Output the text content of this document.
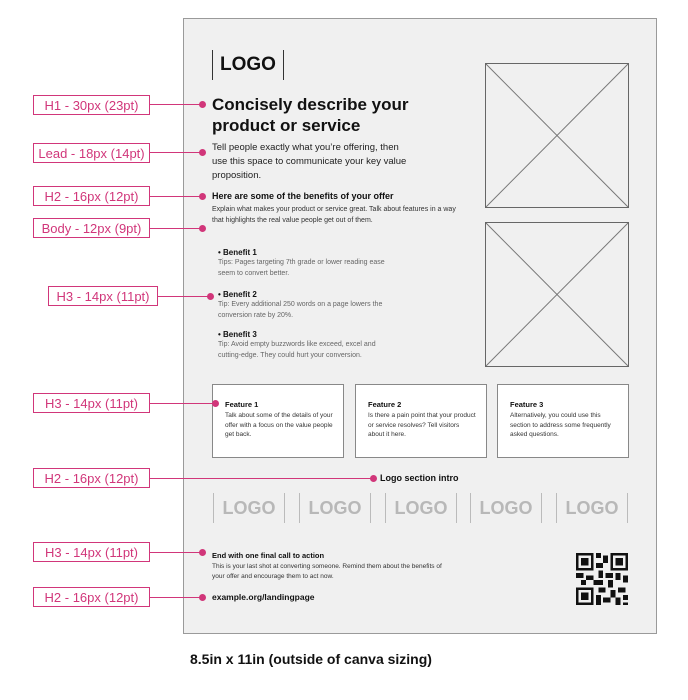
LOGO
Concisely describe your product or service
Tell people exactly what you’re offering, then use this space to communicate your key value proposition.
Here are some of the benefits of your offer
Explain what makes your product or service great. Talk about features in a way that highlights the real value people get out of them.
• Benefit 1
Tips: Pages targeting 7th grade or lower reading ease seem to convert better.
• Benefit 2
Tip: Every additional 250 words on a page lowers the conversion rate by 20%.
• Benefit 3
Tip: Avoid empty buzzwords like exceed, excel and cutting-edge. They could hurt your conversion.
Feature 1
Talk about some of the details of your offer with a focus on the value people get back.
Feature 2
Is there a pain point that your product or service resolves? Tell visitors about it here.
Feature 3
Alternatively, you could use this section to address some frequently asked questions.
Logo section intro
LOGO	LOGO	LOGO	LOGO	LOGO
End with one final call to action
This is your last shot at converting someone. Remind them about the benefits of your offer and encourage them to act now.
example.org/landingpage
H1 - 30px (23pt)
Lead - 18px (14pt)
H2 - 16px (12pt)
Body - 12px (9pt)
H3 - 14px (11pt)
H3 - 14px (11pt)
H2 - 16px (12pt)
H3 - 14px (11pt)
H2 - 16px (12pt)
8.5in x 11in (outside of canva sizing)
